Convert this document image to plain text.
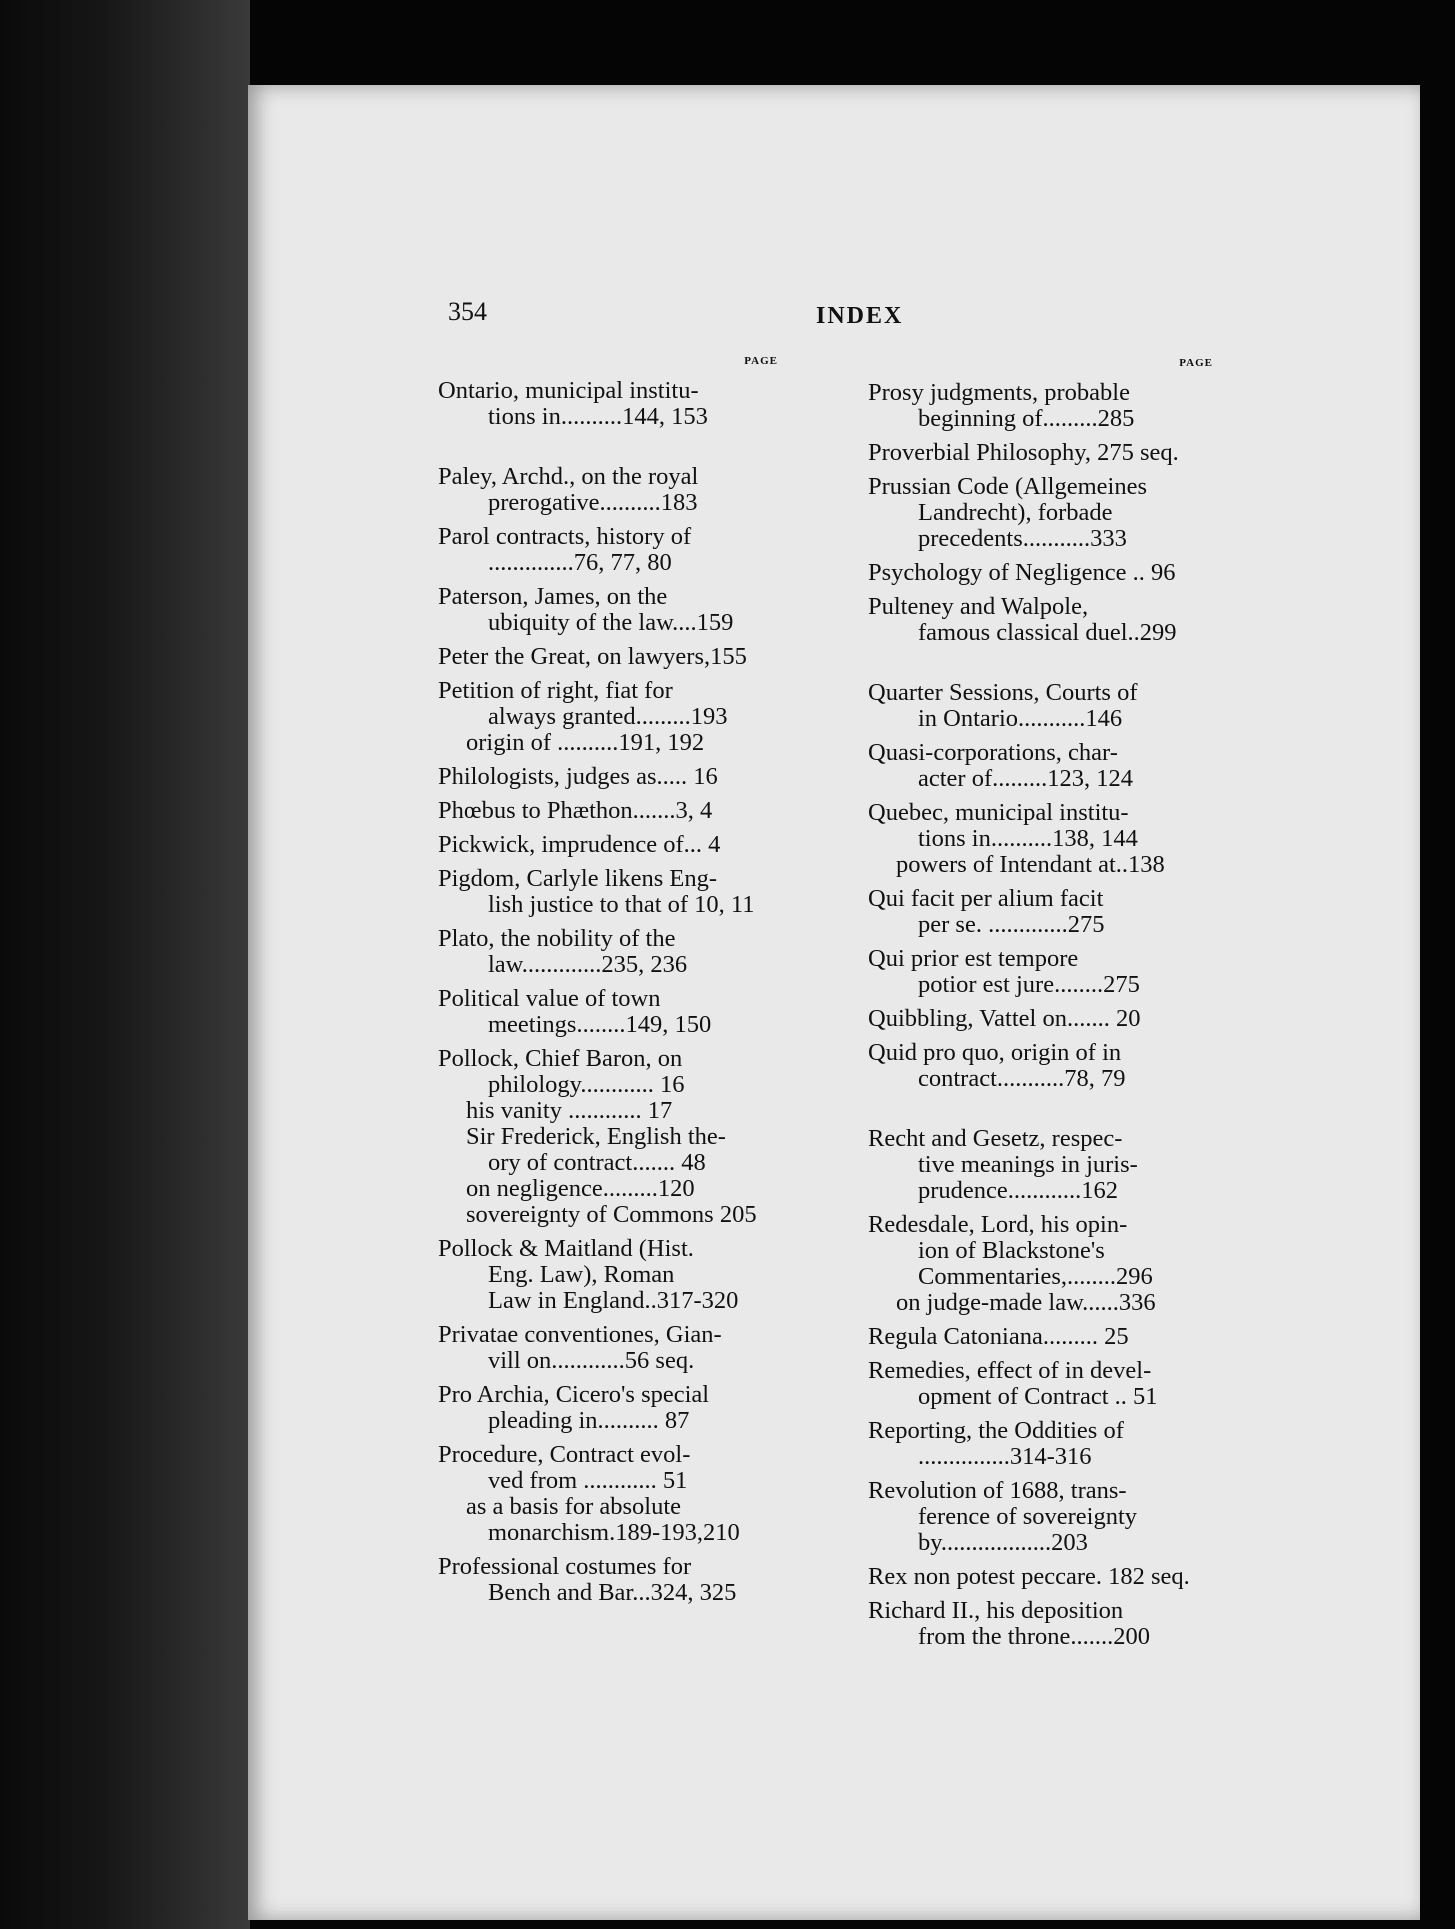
354	INDEX
PAGE
Ontario, municipal institu-
tions in..........144, 153
Paley, Archd., on the royal
prerogative..........183
Parol contracts, history of
..............76, 77, 80
Paterson, James, on the
ubiquity of the law....159
Peter the Great, on lawyers,155
Petition of right, fiat for
always granted.........193
origin of ..........191, 192
Philologists, judges as..... 16
Phœbus to Phæthon.......3, 4
Pickwick, imprudence of... 4
Pigdom, Carlyle likens Eng-
lish justice to that of 10, 11
Plato, the nobility of the
law.............235, 236
Political value of town
meetings........149, 150
Pollock, Chief Baron, on
philology............ 16
his vanity ............ 17
Sir Frederick, English the-
ory of contract....... 48
on negligence.........120
sovereignty of Commons 205
Pollock & Maitland (Hist.
Eng. Law), Roman
Law in England..317-320
Privatae conventiones, Gian-
vill on............56 seq.
Pro Archia, Cicero's special
pleading in.......... 87
Procedure, Contract evol-
ved from ............ 51
as a basis for absolute
monarchism.189-193,210
Professional costumes for
Bench and Bar...324, 325
PAGE
Prosy judgments, probable
beginning of.........285
Proverbial Philosophy, 275 seq.
Prussian Code (Allgemeines
Landrecht), forbade
precedents...........333
Psychology of Negligence .. 96
Pulteney and Walpole,
famous classical duel..299
Quarter Sessions, Courts of
in Ontario...........146
Quasi-corporations, char-
acter of.........123, 124
Quebec, municipal institu-
tions in..........138, 144
powers of Intendant at..138
Qui facit per alium facit
per se. .............275
Qui prior est tempore
potior est jure........275
Quibbling, Vattel on....... 20
Quid pro quo, origin of in
contract...........78, 79
Recht and Gesetz, respec-
tive meanings in juris-
prudence............162
Redesdale, Lord, his opin-
ion of Blackstone's
Commentaries,........296
on judge-made law......336
Regula Catoniana......... 25
Remedies, effect of in devel-
opment of Contract .. 51
Reporting, the Oddities of
...............314-316
Revolution of 1688, trans-
ference of sovereignty
by..................203
Rex non potest peccare. 182 seq.
Richard II., his deposition
from the throne.......200
